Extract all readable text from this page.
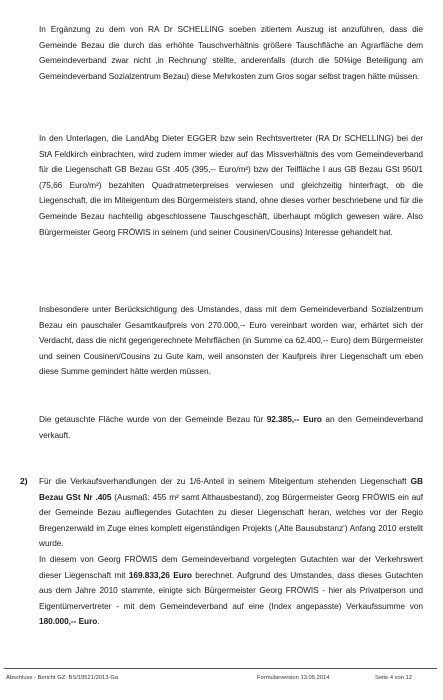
In Ergänzung zu dem von RA Dr SCHELLING soeben zitiertem Auszug ist anzuführen, dass die Gemeinde Bezau die durch das erhöhte Tauschverhältnis größere Tauschfläche an Agrarfläche dem Gemeindeverband zwar nicht ‚in Rechnung‘ stellte, anderenfalls (durch die 50%ige Beteiligung am Gemeindeverband Sozialzentrum Bezau) diese Mehrkosten zum Gros sogar selbst tragen hätte müssen.

In den Unterlagen, die LandAbg Dieter EGGER bzw sein Rechtsvertreter (RA Dr SCHELLING) bei der StA Feldkirch einbrachten, wird zudem immer wieder auf das Missverhältnis des vom Gemeindeverband für die Liegenschaft GB Bezau GSt .405 (395,-- Euro/m²) bzw der Teilfläche I aus GB Bezau GSt 950/1 (75,66 Euro/m²) bezahlten Quadratmeterpreises verwiesen und gleichzeitig hinterfragt, ob die Liegenschaft, die im Miteigentum des Bürgermeisters stand, ohne dieses vorher beschriebene und für die Gemeinde Bezau nachteilig abgeschlossene Tauschgeschäft, überhaupt möglich gewesen wäre. Also Bürgermeister Georg FRÖWIS in seinem (und seiner Cousinen/Cousins) Interesse gehandelt hat.

Insbesondere unter Berücksichtigung des Umstandes, dass mit dem Gemeindeverband Sozialzentrum Bezau ein pauschaler Gesamtkaufpreis von 270.000,-- Euro vereinbart worden war, erhärtet sich der Verdacht, dass die nicht gegengerechnete Mehrflächen (in Summe ca 62.400,-- Euro) dem Bürgermeister und seinen Cousinen/Cousins zu Gute kam, weil ansonsten der Kaufpreis ihrer Liegenschaft um eben diese Summe gemindert hätte werden müssen.

Die getauschte Fläche wurde von der Gemeinde Bezau für 92.385,-- Euro an den Gemeindeverband verkauft.

2) Für die Verkaufsverhandlungen der zu 1/6-Anteil in seinem Miteigentum stehenden Liegenschaft GB Bezau GSt Nr .405 (Ausmaß: 455 m² samt Althausbestand), zog Bürgermeister Georg FRÖWIS ein auf der Gemeinde Bezau aufliegendes Gutachten zu dieser Liegenschaft heran, welches vor der Regio Bregenzerwald im Zuge eines komplett eigenständigen Projekts (‚Alte Bausubstanz‘) Anfang 2010 erstellt wurde.

In diesem von Georg FRÖWIS dem Gemeindeverband vorgelegten Gutachten war der Verkehrswert dieser Liegenschaft mit 169.833,26 Euro berechnet. Aufgrund des Umstandes, dass dieses Gutachten aus dem Jahre 2010 stammte, einigte sich Bürgermeister Georg FRÖWIS - hier als Privatperson und Eigentümervertreter - mit dem Gemeindeverband auf eine (Index angepasste) Verkaufssumme von 180.000,-- Euro.

Abschluss - Bericht GZ: BS/19521/2013-Ga	Formularversion 13.05.2014	Seite 4 von 12
